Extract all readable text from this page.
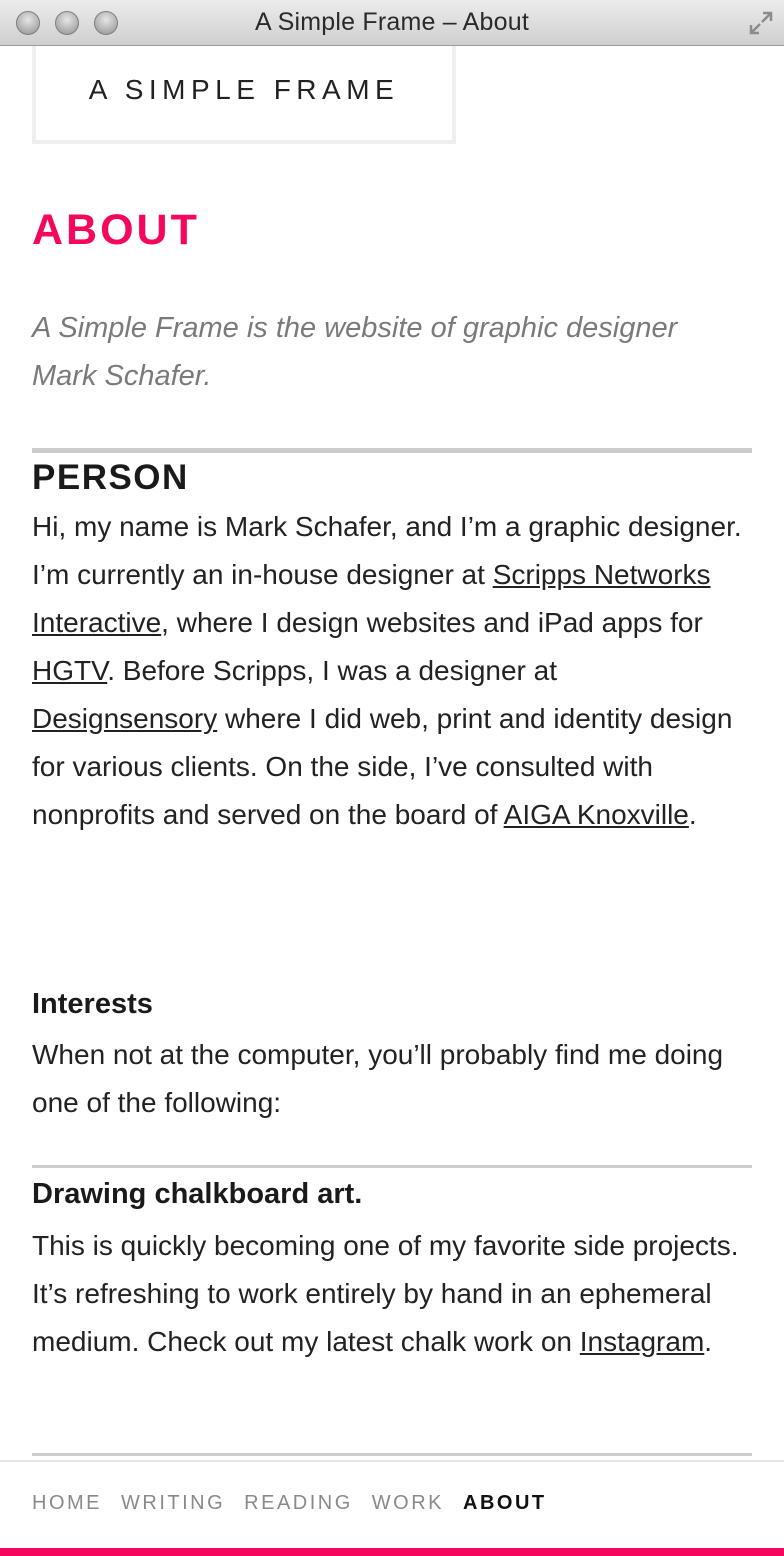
A Simple Frame – About
A SIMPLE FRAME
ABOUT

A Simple Frame is the website of graphic designer Mark Schafer.

PERSON

Hi, my name is Mark Schafer, and I’m a graphic designer. I’m currently an in-house designer at Scripps Networks Interactive, where I design websites and iPad apps for HGTV. Before Scripps, I was a designer at Designsensory where I did web, print and identity design for various clients. On the side, I’ve consulted with nonprofits and served on the board of AIGA Knoxville.

Interests

When not at the computer, you’ll probably find me doing one of the following:

Drawing chalkboard art.

This is quickly becoming one of my favorite side projects. It’s refreshing to work entirely by hand in an ephemeral medium. Check out my latest chalk work on Instagram.

HOME WRITING READING WORK ABOUT
